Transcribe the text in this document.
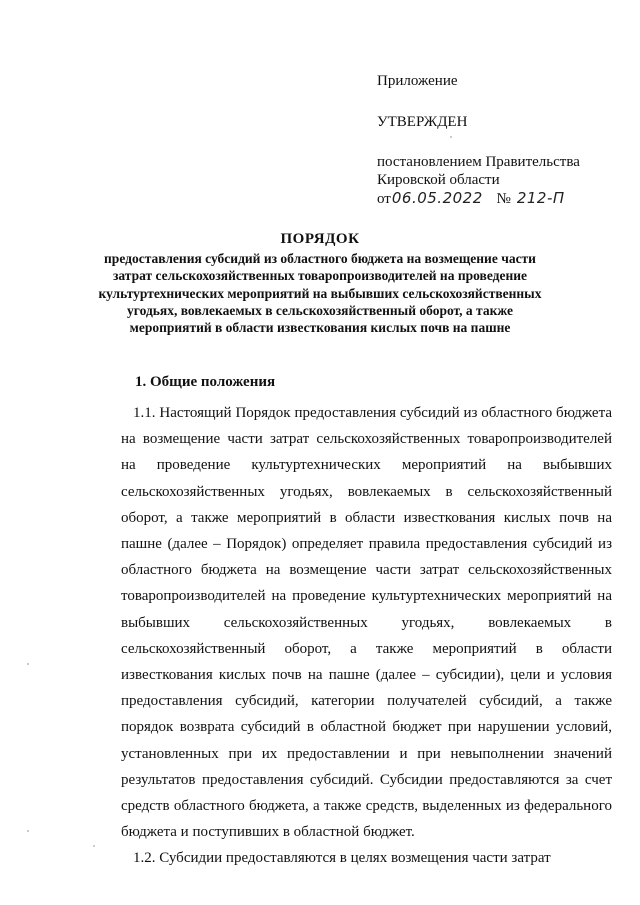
Приложение
УТВЕРЖДЕН
постановлением Правительства
Кировской области
от06.05.2022 № 212-П
ПОРЯДОК
предоставления субсидий из областного бюджета на возмещение части затрат сельскохозяйственных товаропроизводителей на проведение культуртехнических мероприятий на выбывших сельскохозяйственных угодьях, вовлекаемых в сельскохозяйственный оборот, а также мероприятий в области известкования кислых почв на пашне
1. Общие положения

1.1. Настоящий Порядок предоставления субсидий из областного бюджета на возмещение части затрат сельскохозяйственных товаропроизводителей на проведение культуртехнических мероприятий на выбывших сельскохозяйственных угодьях, вовлекаемых в сельскохозяйственный оборот, а также мероприятий в области известкования кислых почв на пашне (далее – Порядок) определяет правила предоставления субсидий из областного бюджета на возмещение части затрат сельскохозяйственных товаропроизводителей на проведение культуртехнических мероприятий на выбывших сельскохозяйственных угодьях, вовлекаемых в сельскохозяйственный оборот, а также мероприятий в области известкования кислых почв на пашне (далее – субсидии), цели и условия предоставления субсидий, категории получателей субсидий, а также порядок возврата субсидий в областной бюджет при нарушении условий, установленных при их предоставлении и при невыполнении значений результатов предоставления субсидий. Субсидии предоставляются за счет средств областного бюджета, а также средств, выделенных из федерального бюджета и поступивших в областной бюджет.

1.2. Субсидии предоставляются в целях возмещения части затрат
